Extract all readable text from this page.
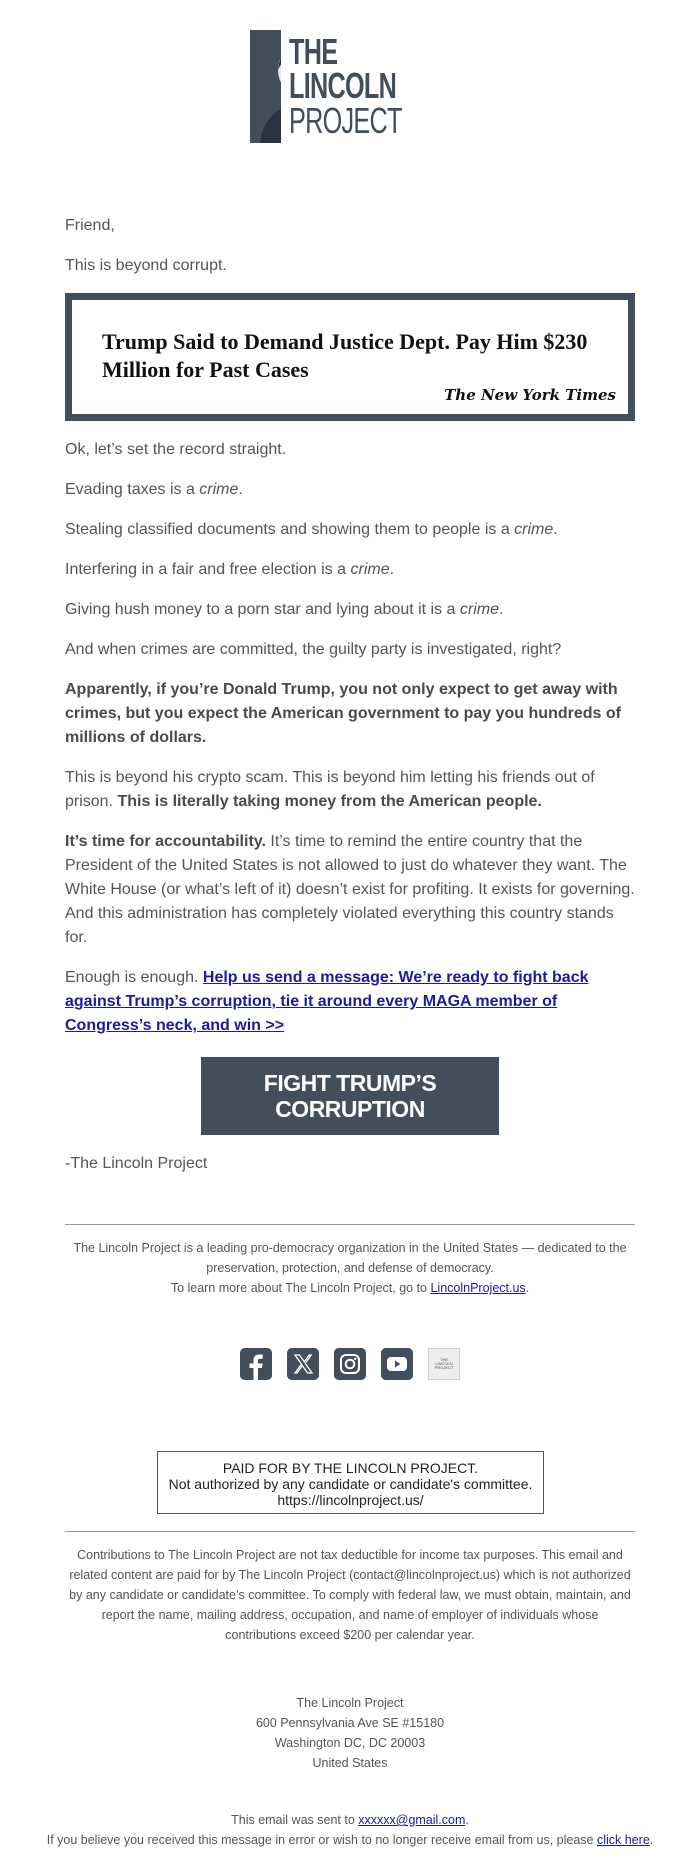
THE
LINCOLN
PROJECT

Friend,

This is beyond corrupt.

Trump Said to Demand Justice Dept. Pay Him $230 Million for Past Cases
The New York Times

Ok, let’s set the record straight.

Evading taxes is a crime.

Stealing classified documents and showing them to people is a crime.

Interfering in a fair and free election is a crime.

Giving hush money to a porn star and lying about it is a crime.

And when crimes are committed, the guilty party is investigated, right?

Apparently, if you’re Donald Trump, you not only expect to get away with crimes, but you expect the American government to pay you hundreds of millions of dollars.

This is beyond his crypto scam. This is beyond him letting his friends out of prison. This is literally taking money from the American people.

It’s time for accountability. It’s time to remind the entire country that the President of the United States is not allowed to just do whatever they want. The White House (or what’s left of it) doesn’t exist for profiting. It exists for governing. And this administration has completely violated everything this country stands for.

Enough is enough. Help us send a message: We’re ready to fight back against Trump’s corruption, tie it around every MAGA member of Congress’s neck, and win >>

FIGHT TRUMP’S CORRUPTION

-The Lincoln Project

The Lincoln Project is a leading pro-democracy organization in the United States — dedicated to the preservation, protection, and defense of democracy.
To learn more about The Lincoln Project, go to LincolnProject.us.
THE
LINCOLN
PROJECT
PAID FOR BY THE LINCOLN PROJECT.
Not authorized by any candidate or candidate's committee.
https://lincolnproject.us/
Contributions to The Lincoln Project are not tax deductible for income tax purposes. This email and related content are paid for by The Lincoln Project (contact@lincolnproject.us) which is not authorized by any candidate or candidate’s committee. To comply with federal law, we must obtain, maintain, and report the name, mailing address, occupation, and name of employer of individuals whose contributions exceed $200 per calendar year.
The Lincoln Project
600 Pennsylvania Ave SE #15180
Washington DC, DC 20003
United States
This email was sent to xxxxxx@gmail.com.
If you believe you received this message in error or wish to no longer receive email from us, please click here.
